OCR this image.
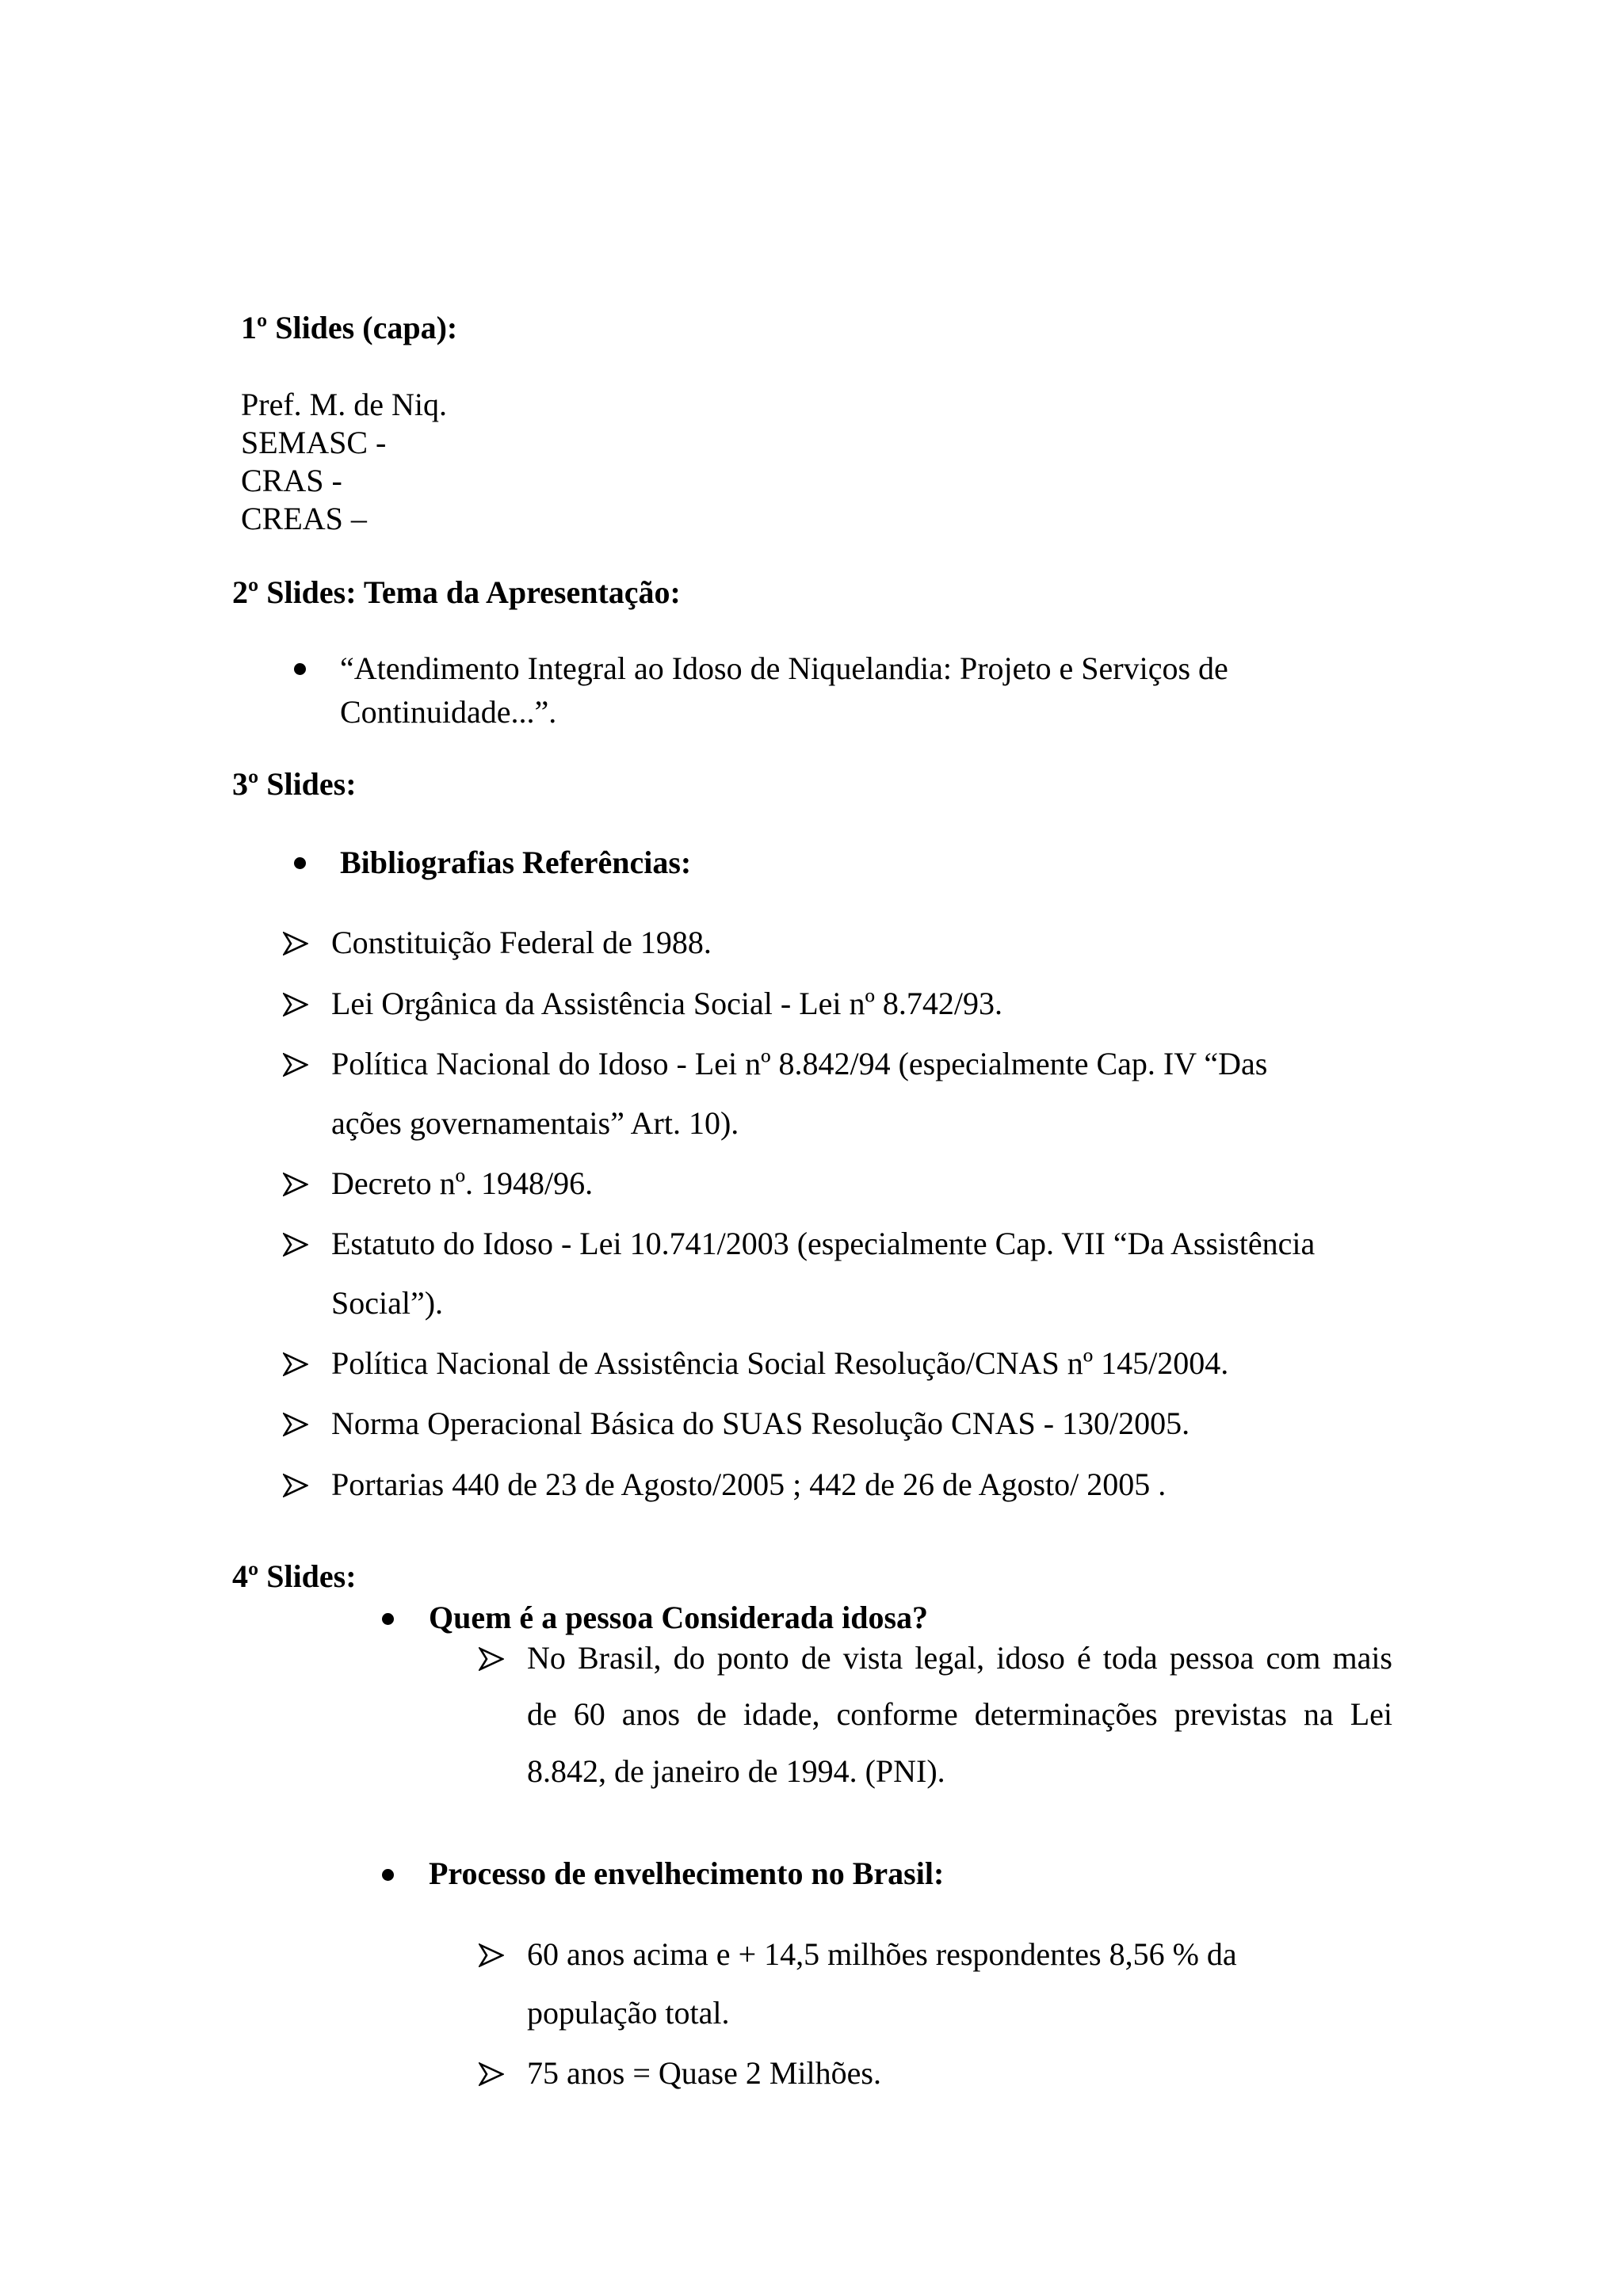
1º Slides (capa):
Pref. M. de Niq.
SEMASC -
CRAS -
CREAS –
2º Slides: Tema da Apresentação:
“Atendimento Integral ao Idoso de Niquelandia: Projeto e Serviços de
Continuidade...”.
3º Slides:
Bibliografias Referências:
Constituição Federal de 1988.
Lei Orgânica da Assistência Social - Lei nº 8.742/93.
Política Nacional do Idoso - Lei nº 8.842/94 (especialmente Cap. IV “Das
ações governamentais” Art. 10).
Decreto nº. 1948/96.
Estatuto do Idoso - Lei 10.741/2003 (especialmente Cap. VII “Da Assistência
Social”).
Política Nacional de Assistência Social Resolução/CNAS nº 145/2004.
Norma Operacional Básica do SUAS Resolução CNAS - 130/2005.
Portarias 440 de 23 de Agosto/2005 ; 442 de 26 de Agosto/ 2005 .
4º Slides:
Quem é a pessoa Considerada idosa?
No Brasil, do ponto de vista legal, idoso é toda pessoa com mais
de 60 anos de idade, conforme determinações previstas na Lei
8.842, de janeiro de 1994. (PNI).
Processo de envelhecimento no Brasil:
60 anos acima e + 14,5 milhões respondentes 8,56 % da
população total.
75 anos = Quase 2 Milhões.
